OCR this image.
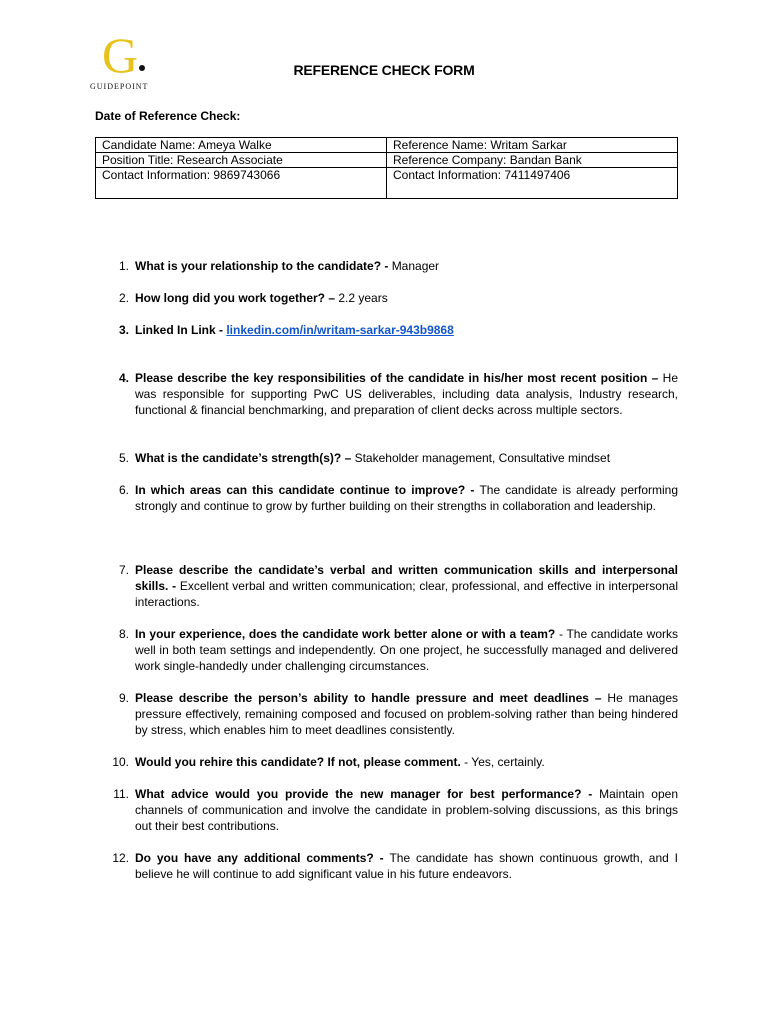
G
GUIDEPOINT
REFERENCE CHECK FORM
Date of Reference Check:
Candidate Name: Ameya Walke	Reference Name: Writam Sarkar
Position Title: Research Associate	Reference Company: Bandan Bank
Contact Information: 9869743066	Contact Information: 7411497406
1. What is your relationship to the candidate? - Manager
2. How long did you work together? – 2.2 years
3. Linked In Link - linkedin.com/in/writam-sarkar-943b9868
4. Please describe the key responsibilities of the candidate in his/her most recent position – He was responsible for supporting PwC US deliverables, including data analysis, Industry research, functional & financial benchmarking, and preparation of client decks across multiple sectors.
5. What is the candidate’s strength(s)? – Stakeholder management, Consultative mindset
6. In which areas can this candidate continue to improve? - The candidate is already performing strongly and continue to grow by further building on their strengths in collaboration and leadership.
7. Please describe the candidate’s verbal and written communication skills and interpersonal skills. - Excellent verbal and written communication; clear, professional, and effective in interpersonal interactions.
8. In your experience, does the candidate work better alone or with a team? - The candidate works well in both team settings and independently. On one project, he successfully managed and delivered work single-handedly under challenging circumstances.
9. Please describe the person’s ability to handle pressure and meet deadlines – He manages pressure effectively, remaining composed and focused on problem-solving rather than being hindered by stress, which enables him to meet deadlines consistently.
10. Would you rehire this candidate? If not, please comment. - Yes, certainly.
11. What advice would you provide the new manager for best performance? - Maintain open channels of communication and involve the candidate in problem-solving discussions, as this brings out their best contributions.
12. Do you have any additional comments? - The candidate has shown continuous growth, and I believe he will continue to add significant value in his future endeavors.
